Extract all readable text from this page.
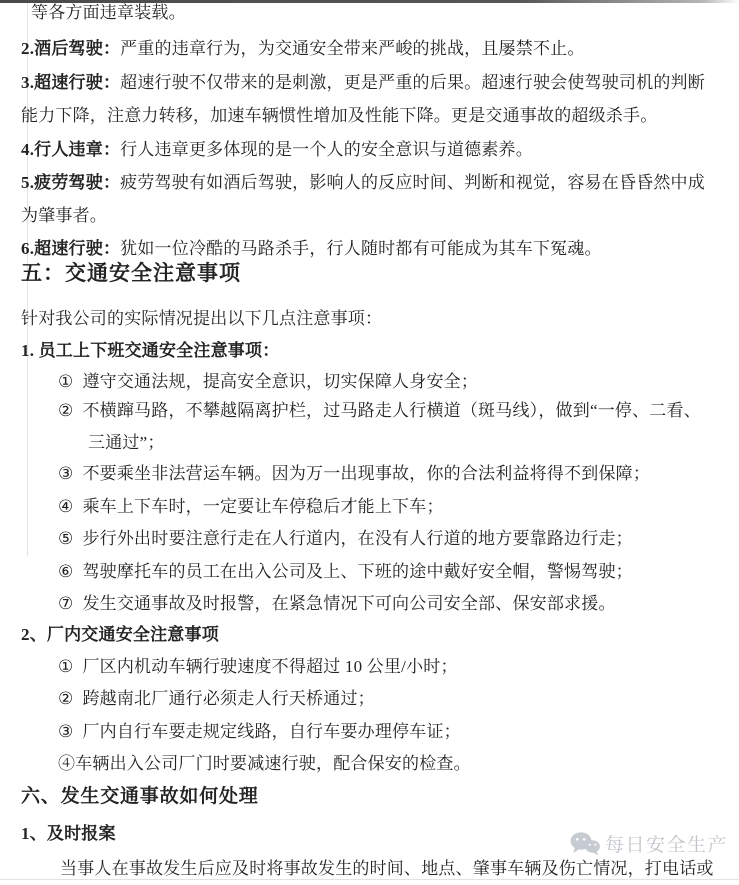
等各方面违章装载。
2.酒后驾驶：严重的违章行为，为交通安全带来严峻的挑战，且屡禁不止。
3.超速行驶：超速行驶不仅带来的是刺激，更是严重的后果。超速行驶会使驾驶司机的判断
能力下降，注意力转移，加速车辆惯性增加及性能下降。更是交通事故的超级杀手。
4.行人违章：行人违章更多体现的是一个人的安全意识与道德素养。
5.疲劳驾驶：疲劳驾驶有如酒后驾驶，影响人的反应时间、判断和视觉，容易在昏昏然中成
为肇事者。
6.超速行驶：犹如一位冷酷的马路杀手，行人随时都有可能成为其车下冤魂。
五：交通安全注意事项
针对我公司的实际情况提出以下几点注意事项：
1. 员工上下班交通安全注意事项：
① 遵守交通法规，提高安全意识，切实保障人身安全；
② 不横蹿马路，不攀越隔离护栏，过马路走人行横道（斑马线），做到“一停、二看、
三通过”；
③ 不要乘坐非法营运车辆。因为万一出现事故，你的合法利益将得不到保障；
④ 乘车上下车时，一定要让车停稳后才能上下车；
⑤ 步行外出时要注意行走在人行道内，在没有人行道的地方要靠路边行走；
⑥ 驾驶摩托车的员工在出入公司及上、下班的途中戴好安全帽，警惕驾驶；
⑦ 发生交通事故及时报警，在紧急情况下可向公司安全部、保安部求援。
2、厂内交通安全注意事项
① 厂区内机动车辆行驶速度不得超过 10 公里/小时；
② 跨越南北厂通行必须走人行天桥通过；
③ 厂内自行车要走规定线路，自行车要办理停车证；
④车辆出入公司厂门时要减速行驶，配合保安的检查。
六、发生交通事故如何处理
1、及时报案
当事人在事故发生后应及时将事故发生的时间、地点、肇事车辆及伤亡情况，打电话或
每日安全生产
